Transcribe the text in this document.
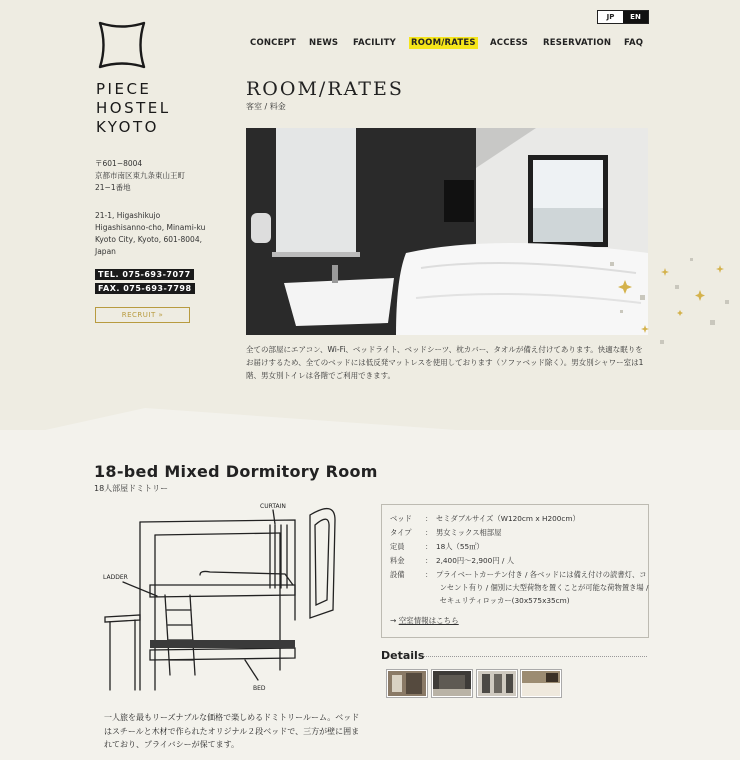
JP	EN
CONCEPT NEWS FACILITY ROOM/RATES ACCESS RESERVATION FAQ
PIECE
HOSTEL
KYOTO
〒601−8004
京都市南区東九条東山王町
21−1番地
21-1, Higashikujo
Higashisanno-cho, Minami-ku
Kyoto City, Kyoto, 601-8004,
Japan
TEL. 075-693-7077
FAX. 075-693-7798
RECRUIT »
ROOM/RATES
客室 / 料金
全ての部屋にエアコン、Wi-Fi、ベッドライト、ベッドシーツ、枕カバー、タオルが備え付けてあります。快適な眠りをお届けするため、全てのベッドには低反発マットレスを使用しております（ソファベッド除く）。男女別シャワー室は1階、男女別トイレは各階でご利用できます。
18-bed Mixed Dormitory Room
18人部屋ドミトリー
CURTAIN
LADDER
BED
一人旅を最もリーズナブルな価格で楽しめるドミトリールーム。ベッド
はスチールと木材で作られたオリジナル２段ベッドで、三方が壁に囲ま
れており、プライバシーが保てます。
ベッド ：　セミダブルサイズ（W120cm x H200cm）
タイプ ：　男女ミックス相部屋
定員	：　18人（55㎡）
料金	：　2,400円〜2,900円 / 人
設備	：　プライベートカーテン付き / 各ベッドには備え付けの読書灯、コ
　　ンセント有り / 個別に大型荷物を置くことが可能な荷物置き場 /
　　セキュリティロッカー(30x575x35cm)
→ 空室情報はこちら
Details
